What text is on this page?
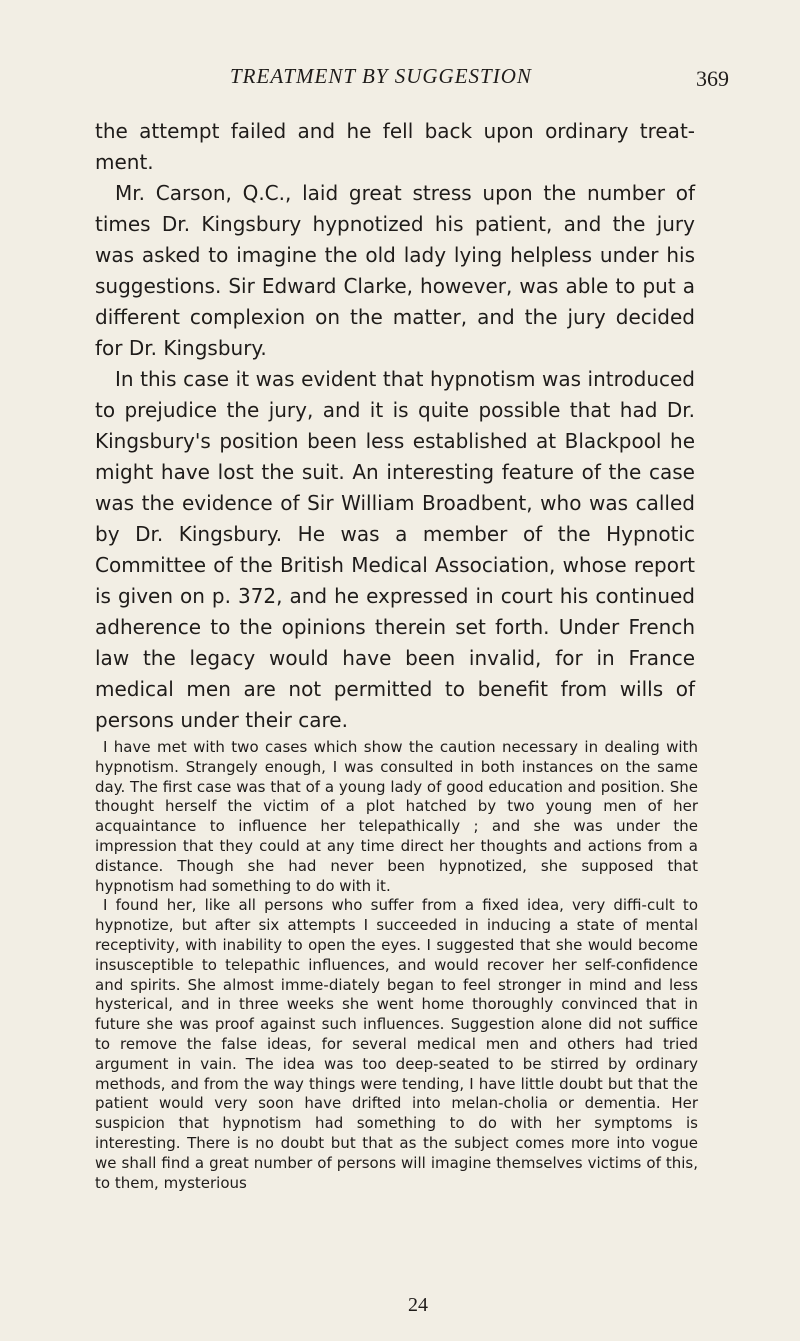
TREATMENT BY SUGGESTION	369

the attempt failed and he fell back upon ordinary treat-ment.

Mr. Carson, Q.C., laid great stress upon the number of times Dr. Kingsbury hypnotized his patient, and the jury was asked to imagine the old lady lying helpless under his suggestions. Sir Edward Clarke, however, was able to put a different complexion on the matter, and the jury decided for Dr. Kingsbury.

In this case it was evident that hypnotism was introduced to prejudice the jury, and it is quite possible that had Dr. Kingsbury's position been less established at Blackpool he might have lost the suit. An interesting feature of the case was the evidence of Sir William Broadbent, who was called by Dr. Kingsbury. He was a member of the Hypnotic Committee of the British Medical Association, whose report is given on p. 372, and he expressed in court his continued adherence to the opinions therein set forth. Under French law the legacy would have been invalid, for in France medical men are not permitted to benefit from wills of persons under their care.

I have met with two cases which show the caution necessary in dealing with hypnotism. Strangely enough, I was consulted in both instances on the same day. The first case was that of a young lady of good education and position. She thought herself the victim of a plot hatched by two young men of her acquaintance to influence her telepathically ; and she was under the impression that they could at any time direct her thoughts and actions from a distance. Though she had never been hypnotized, she supposed that hypnotism had something to do with it.

I found her, like all persons who suffer from a fixed idea, very diffi-cult to hypnotize, but after six attempts I succeeded in inducing a state of mental receptivity, with inability to open the eyes. I suggested that she would become insusceptible to telepathic influences, and would recover her self-confidence and spirits. She almost imme-diately began to feel stronger in mind and less hysterical, and in three weeks she went home thoroughly convinced that in future she was proof against such influences. Suggestion alone did not suffice to remove the false ideas, for several medical men and others had tried argument in vain. The idea was too deep-seated to be stirred by ordinary methods, and from the way things were tending, I have little doubt but that the patient would very soon have drifted into melan-cholia or dementia. Her suspicion that hypnotism had something to do with her symptoms is interesting. There is no doubt but that as the subject comes more into vogue we shall find a great number of persons will imagine themselves victims of this, to them, mysterious

24
